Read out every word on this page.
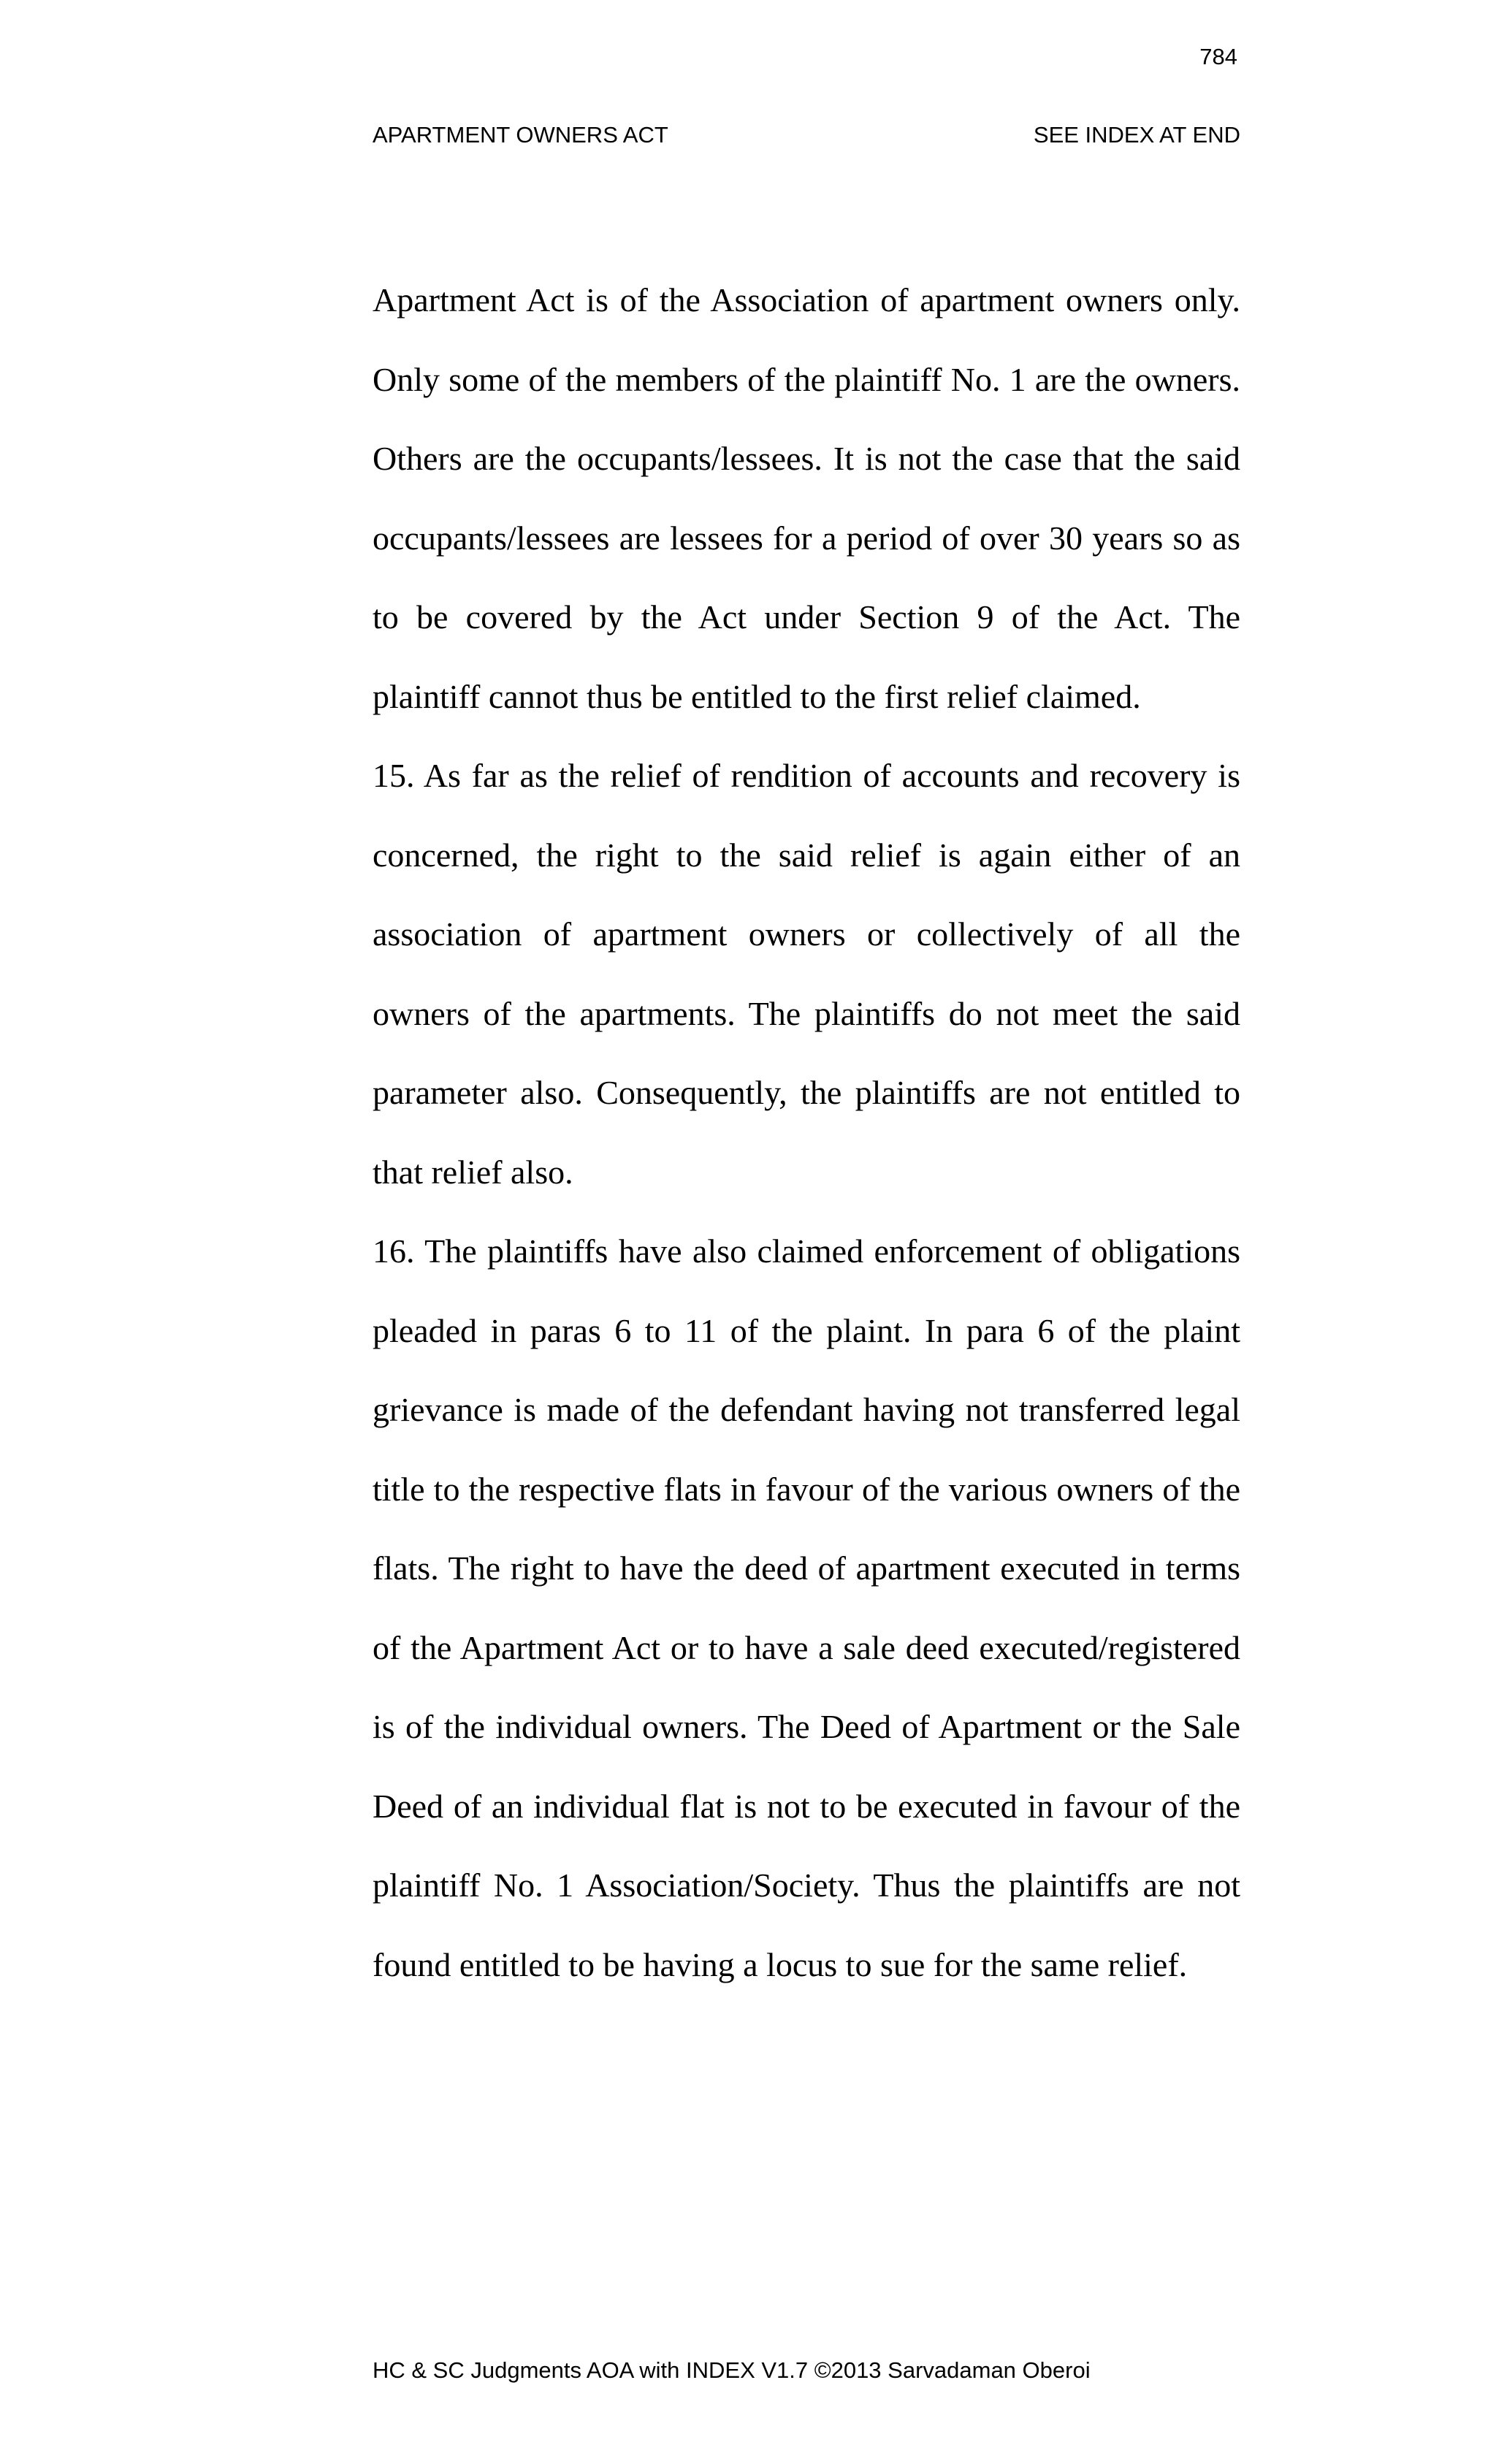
784
APARTMENT OWNERS ACT	SEE INDEX AT END

Apartment Act is of the Association of apartment owners only. Only some of the members of the plaintiff No. 1 are the owners. Others are the occupants/lessees. It is not the case that the said occupants/lessees are lessees for a period of over 30 years so as to be covered by the Act under Section 9 of the Act. The plaintiff cannot thus be entitled to the first relief claimed.

15. As far as the relief of rendition of accounts and recovery is concerned, the right to the said relief is again either of an association of apartment owners or collectively of all the owners of the apartments. The plaintiffs do not meet the said parameter also. Consequently, the plaintiffs are not entitled to that relief also.

16. The plaintiffs have also claimed enforcement of obligations pleaded in paras 6 to 11 of the plaint. In para 6 of the plaint grievance is made of the defendant having not transferred legal title to the respective flats in favour of the various owners of the flats. The right to have the deed of apartment executed in terms of the Apartment Act or to have a sale deed executed/registered is of the individual owners. The Deed of Apartment or the Sale Deed of an individual flat is not to be executed in favour of the plaintiff No. 1 Association/Society. Thus the plaintiffs are not found entitled to be having a locus to sue for the same relief.

HC & SC Judgments AOA with INDEX V1.7 ©2013 Sarvadaman Oberoi
